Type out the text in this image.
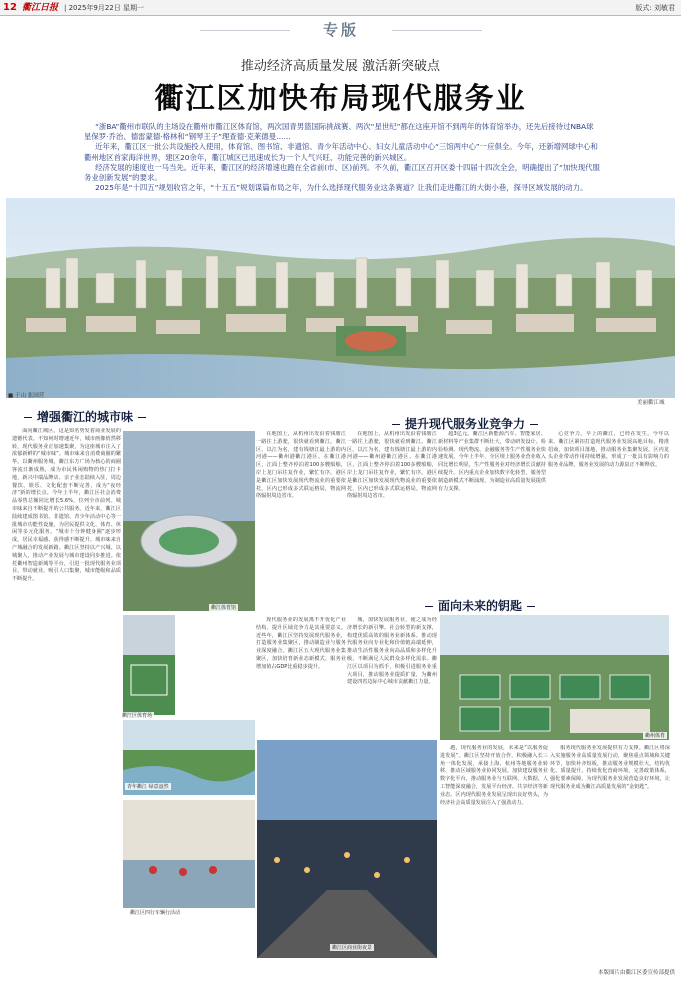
12 衢江日报 | 2025年9月22日 星期一	版式: 刘敏君
专版
推动经济高质量发展 激活新突破点
衢江区加快布局现代服务业

“浙BA”衢州市联队的主场设在衢州市衢江区体育馆，两次国青男篮国际挑战赛、两次“星世纪”都在这座开馆不到两年的体育馆举办，还先后接待过NBA球星保罗·乔治、德雷蒙德·格林和“钢琴王子”理查德·克莱德曼……

近年来，衢江区一批公共设施投入使用，体育馆、图书馆、非遗馆、青少年活动中心、妇女儿童活动中心“三馆两中心”一应俱全。今年，还新增网球中心和衢州地区首家海洋世界，建区20余年，衢江城区已迅速成长为一个人气兴旺、功能完善的新兴城区。

经济发展的速度也一马当先。近年来，衢江区的经济增速也跑在全省前(市、区)前列。不久前，衢江区召开区委十四届十四次全会，明确提出了“加快现代服务业创新发展”的要求。

2025年是“十四五”规划收官之年，“十五五”规划谋篇布局之年，为什么选择现代服务业这条赛道？让我们走进衢江的大街小巷，探寻区域发展的动力。

■ 于山 张国营
美丽衢江城
增强衢江的城市味	提升现代服务业竞争力
面向未来的钥匙

面向衢江城区，这是知名势发着商业发展的遗憾代表。不知何时增速近年，城市画像悄然移转，现代服务业正加速集聚，为这座城市注入了浓郁新鲜的“城市味”。城市味来自消费商圈的繁华。以衢州服务城，衢江东方广场为核心的商圈客流日渐成熟，成为市民休闲购物的热门打卡地，新兴中端品牌店、亲子业态陆续入驻，周边餐饮、娱乐、文化配套不断完善，成为“夜经济”新的增长点。今年上半年，衢江区社会消费品零售总额同比增长5.6%，位列全市前列。城市味来自不断提升的公共服务。近年来，衢江区陆续建成图书馆、非遗馆、青少年活动中心等一批城市功能性设施，为居民提供文化、体育、休闲等多元化服务。“城市十分钟健身圈”逐步形成，居民幸福感、获得感不断提升。城市味来自产城融合的发展新路。衢江区坚持以产兴城、以城聚人，推动产业发展与城市建设同步推进。依托衢州智造新城等平台，引进一批现代服务业项目，带动就业，吸引人口集聚，城市能级和品质不断提升。

衢江体育馆
衢江区体育场
青年衢江 绿意盎然

在地图上，从机州出发沿着钱塘江一路往上游驶，很快就看到衢江。衢江区，以江为名，建有钱塘江最上游的内河港——衢州港衢江港区。在衢江港区，江面上整齐停泊着100多艘船舶，岸上龙门吊往复作业，繁忙有序。港区是衢江区加快发展现代物流业的重要依托，区内已形成多式联运格局，物流网络辐射周边省市。

现代服务业的发展离不开优化产业结构，提升区域竞争力是其重要意义。近些年，衢江区坚持发展现代服务业，打造服务业集聚区，推动制造业与服务业深度融合。衢江区五大现代服务业集聚区，加快培育新业态新模式，服务业增加值占GDP比重稳步提升。

城，加快发展服务业，使之成为经济增长的新引擎。社会转型的新支撑，构建优质高效的服务业新体系。推动现代服务业向专业化和价值链高端延伸，推动生活性服务业向高品质和多样化升级，不断满足人民群众多样化需求。衢江区以项目为抓手，积极引进服务业重大项目，推动服务业提质扩量，为衢州建设四省边际中心城市贡献衢江力量。

在地图上，从机州出发沿着钱塘江一路往上游驶，很快就看到衢江。衢江区，以江为名，建有钱塘江最上游的内河港——衢州港衢江港区。在衢江港区，江面上整齐停泊着100多艘船舶，岸上龙门吊往复作业，繁忙有序。港区是衢江区加快发展现代物流业的重要依托，区内已形成多式联运格局，物流网络辐射周边省市。

超3亿元。衢江区新能源汽车、智能家居、新材料等产业集群不断壮大，带动研发设计、检验检测、现代物流、金融服务等生产性服务业快速发展。今年上半年，全区规上服务业营业收入同比增长明显，生产性服务业对经济增长贡献持续提升。区内重点企业加快数字化转型，服务型制造新模式不断涌现，为制造业高质量发展提供有力支撑。

心竞争力。早上的衢江，已经在发生。今年以来，衢江区紧扣打造现代服务业发展高地目标，精准招商，加快项目落地，推动服务业集聚发展。区内龙头企业带动作用持续增强，形成了一批具有影响力的服务业品牌，服务业发展的动力源泉正不断释放。

衢州体育
衢江区商业街夜景
衢江区四行车辆行活动

越，现代服务业的发展，未来是“以服务促进发展”。衢江区坚持开放合作，积极融入长三角一体化发展，承接上海、杭州等地服务业转移，推动区域服务业协同发展。加快建设服务业数字化平台，推动服务业与互联网、大数据、人工智能深度融合，发展平台经济、共享经济等新业态。区内现代服务业发展呈现出良好势头，为经济社会高质量发展注入了强劲动力。

服务现代服务业发展提供有力支撑。衢江区将深入实施服务业高质量发展行动，聚焦重点领域和关键环节，加快补齐短板，推动服务业规模壮大、结构优化、质量提升。持续优化营商环境，完善政策体系，强化要素保障，为现代服务业发展营造良好环境，让现代服务业成为衢江高质量发展的“金钥匙”。

本版图片由衢江区委宣传部提供
